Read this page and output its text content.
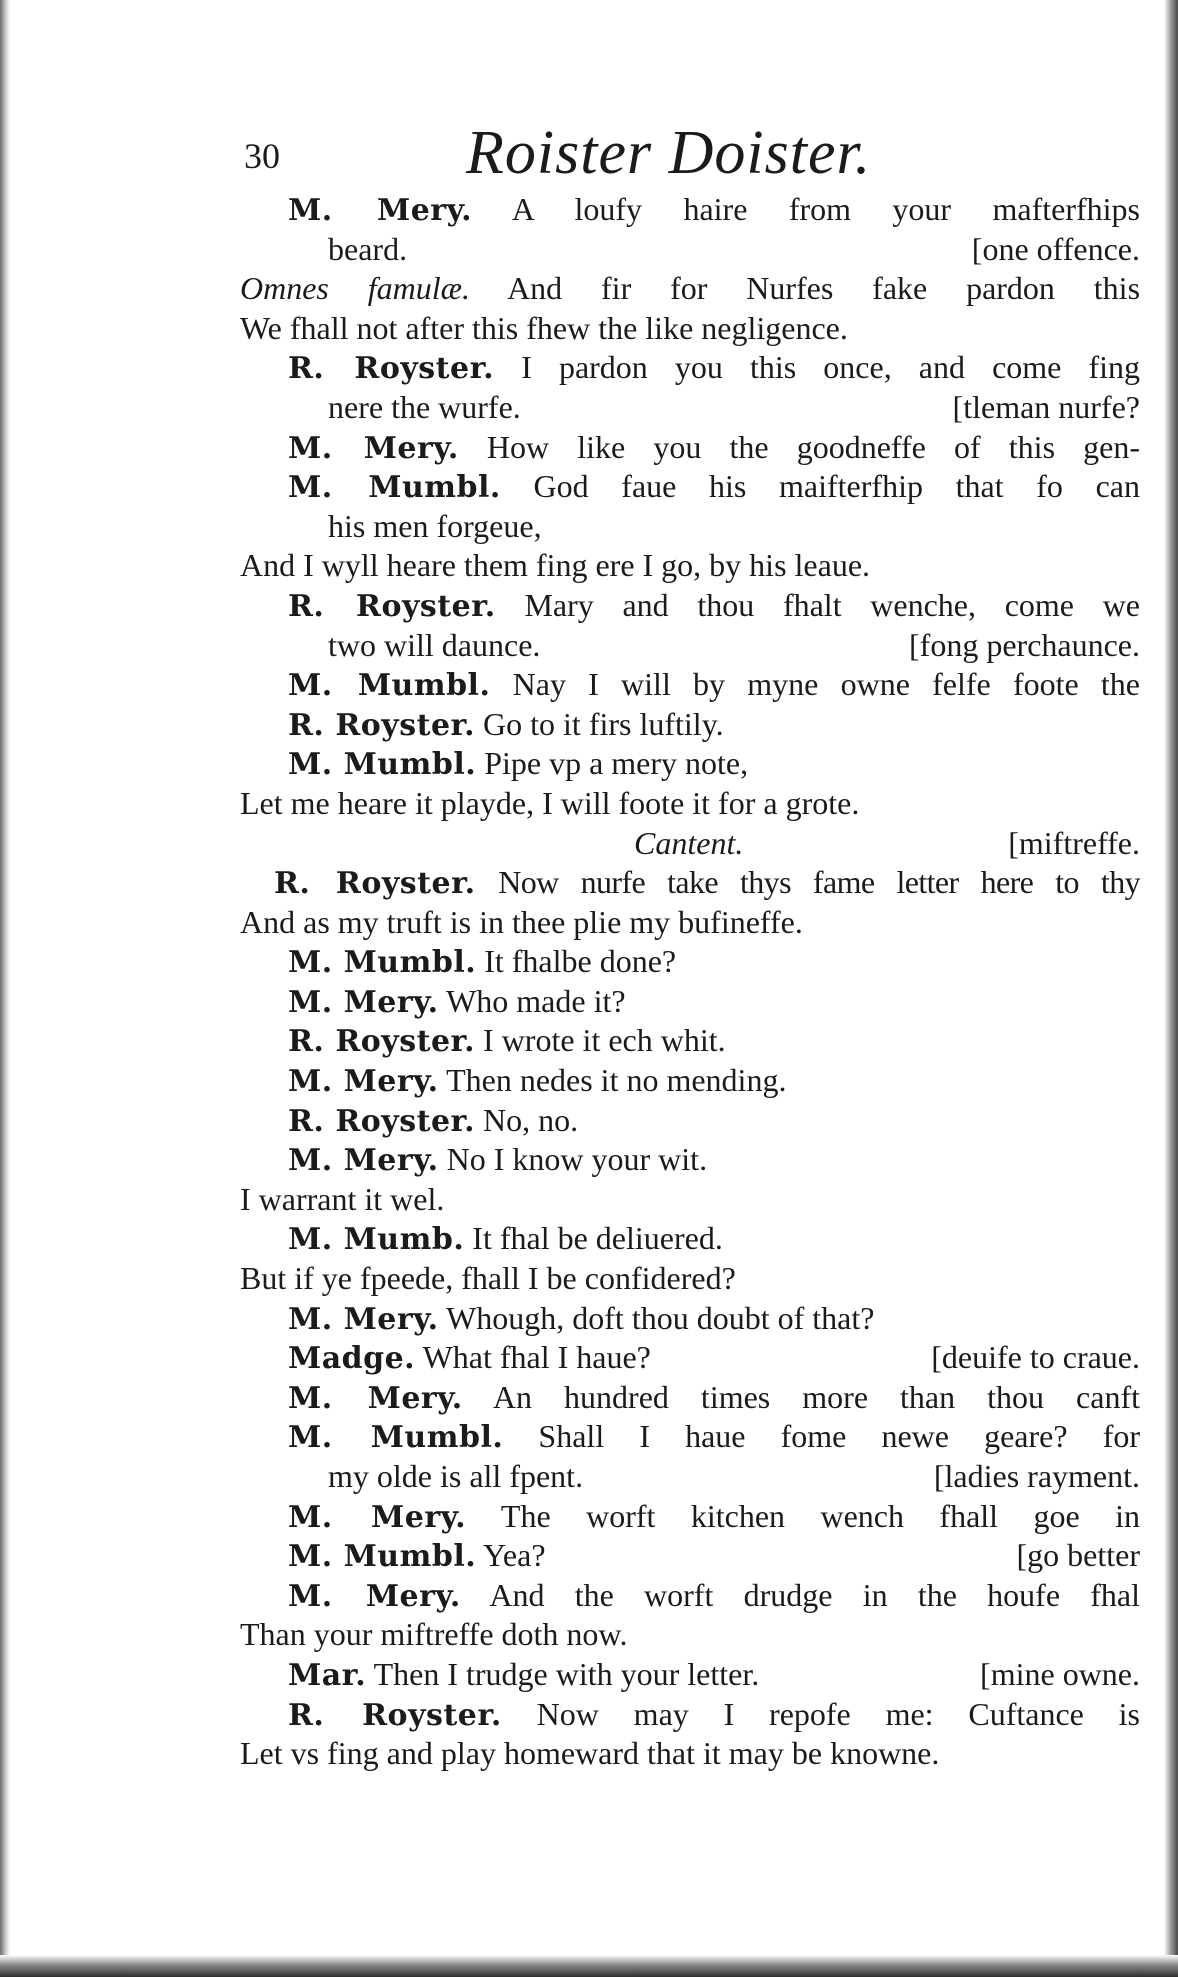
30	Roister Doister.
M. Mery. A loufy haire from your mafterfhips
beard.	[one offence.
Omnes famulæ. And fir for Nurfes fake pardon this
We fhall not after this fhew the like negligence.
R. Royster. I pardon you this once, and come fing
nere the wurfe.	[tleman nurfe?
M. Mery. How like you the goodneffe of this gen-
M. Mumbl. God faue his maifterfhip that fo can
his men forgeue,
And I wyll heare them fing ere I go, by his leaue.
R. Royster. Mary and thou fhalt wenche, come we
two will daunce.	[fong perchaunce.
M. Mumbl. Nay I will by myne owne felfe foote the
R. Royster. Go to it firs luftily.
M. Mumbl. Pipe vp a mery note,
Let me heare it playde, I will foote it for a grote.
Cantent.	[miftreffe.
R. Royster. Now nurfe take thys fame letter here to thy
And as my truft is in thee plie my bufineffe.
M. Mumbl. It fhalbe done?
M. Mery. Who made it?
R. Royster. I wrote it ech whit.
M. Mery. Then nedes it no mending.
R. Royster. No, no.
M. Mery. No I know your wit.
I warrant it wel.
M. Mumb. It fhal be deliuered.
But if ye fpeede, fhall I be confidered?
M. Mery. Whough, doft thou doubt of that?
Madge. What fhal I haue?	[deuife to craue.
M. Mery. An hundred times more than thou canft
M. Mumbl. Shall I haue fome newe geare? for
my olde is all fpent.	[ladies rayment.
M. Mery. The worft kitchen wench fhall goe in
M. Mumbl. Yea?	[go better
M. Mery. And the worft drudge in the houfe fhal
Than your miftreffe doth now.
Mar. Then I trudge with your letter.	[mine owne.
R. Royster. Now may I repofe me: Cuftance is
Let vs fing and play homeward that it may be knowne.
